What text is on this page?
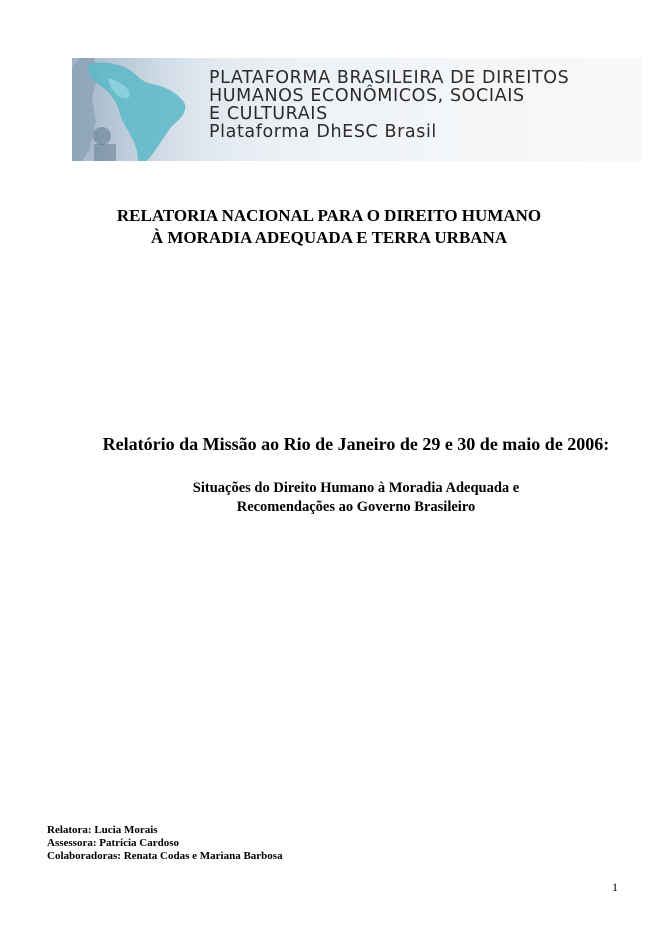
PLATAFORMA BRASILEIRA DE DIREITOS
HUMANOS ECONÔMICOS, SOCIAIS
E CULTURAIS
Plataforma DhESC Brasil
RELATORIA NACIONAL PARA O DIREITO HUMANO
À MORADIA ADEQUADA E TERRA URBANA
Relatório da Missão ao Rio de Janeiro de 29 e 30 de maio de 2006:
Situações do Direito Humano à Moradia Adequada e
Recomendações ao Governo Brasileiro
Relatora: Lucia Morais
Assessora: Patrícia Cardoso
Colaboradoras: Renata Codas e Mariana Barbosa
1
